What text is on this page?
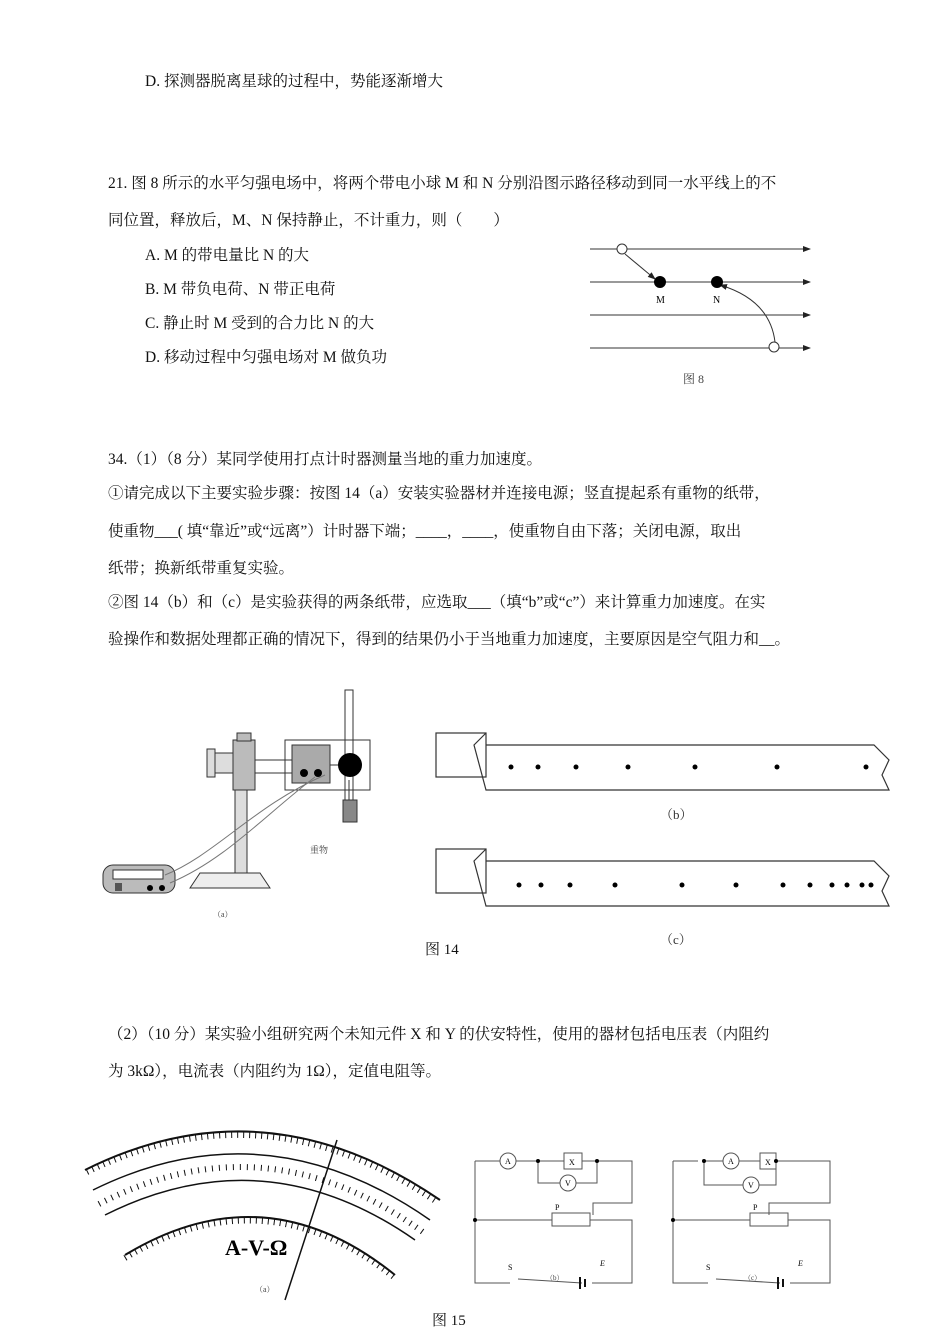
D. 探测器脱离星球的过程中，势能逐渐增大
21. 图 8 所示的水平匀强电场中，将两个带电小球 M 和 N 分别沿图示路径移动到同一水平线上的不
同位置，释放后，M、N 保持静止，不计重力，则（　　）
A. M 的带电量比 N 的大
B. M 带负电荷、N 带正电荷
C. 静止时 M 受到的合力比 N 的大
D. 移动过程中匀强电场对 M 做负功
M	N
图 8
34.（1）（8 分）某同学使用打点计时器测量当地的重力加速度。
①请完成以下主要实验步骤：按图 14（a）安装实验器材并连接电源；竖直提起系有重物的纸带，
使重物___( 填“靠近”或“远离”）计时器下端；____，____，使重物自由下落；关闭电源，取出
纸带；换新纸带重复实验。
②图 14（b）和（c）是实验获得的两条纸带，应选取___（填“b”或“c”）来计算重力加速度。在实
验操作和数据处理都正确的情况下，得到的结果仍小于当地重力加速度，主要原因是空气阻力和__。
重物
（a）
（b）
（c）
图 14
（2）（10 分）某实验小组研究两个未知元件 X 和 Y 的伏安特性，使用的器材包括电压表（内阻约
为 3kΩ），电流表（内阻约为 1Ω），定值电阻等。
A-V-Ω
（a）
A
V
X
P
S	E
（b）
A
V
X
P
S	E
（c）
图 15
